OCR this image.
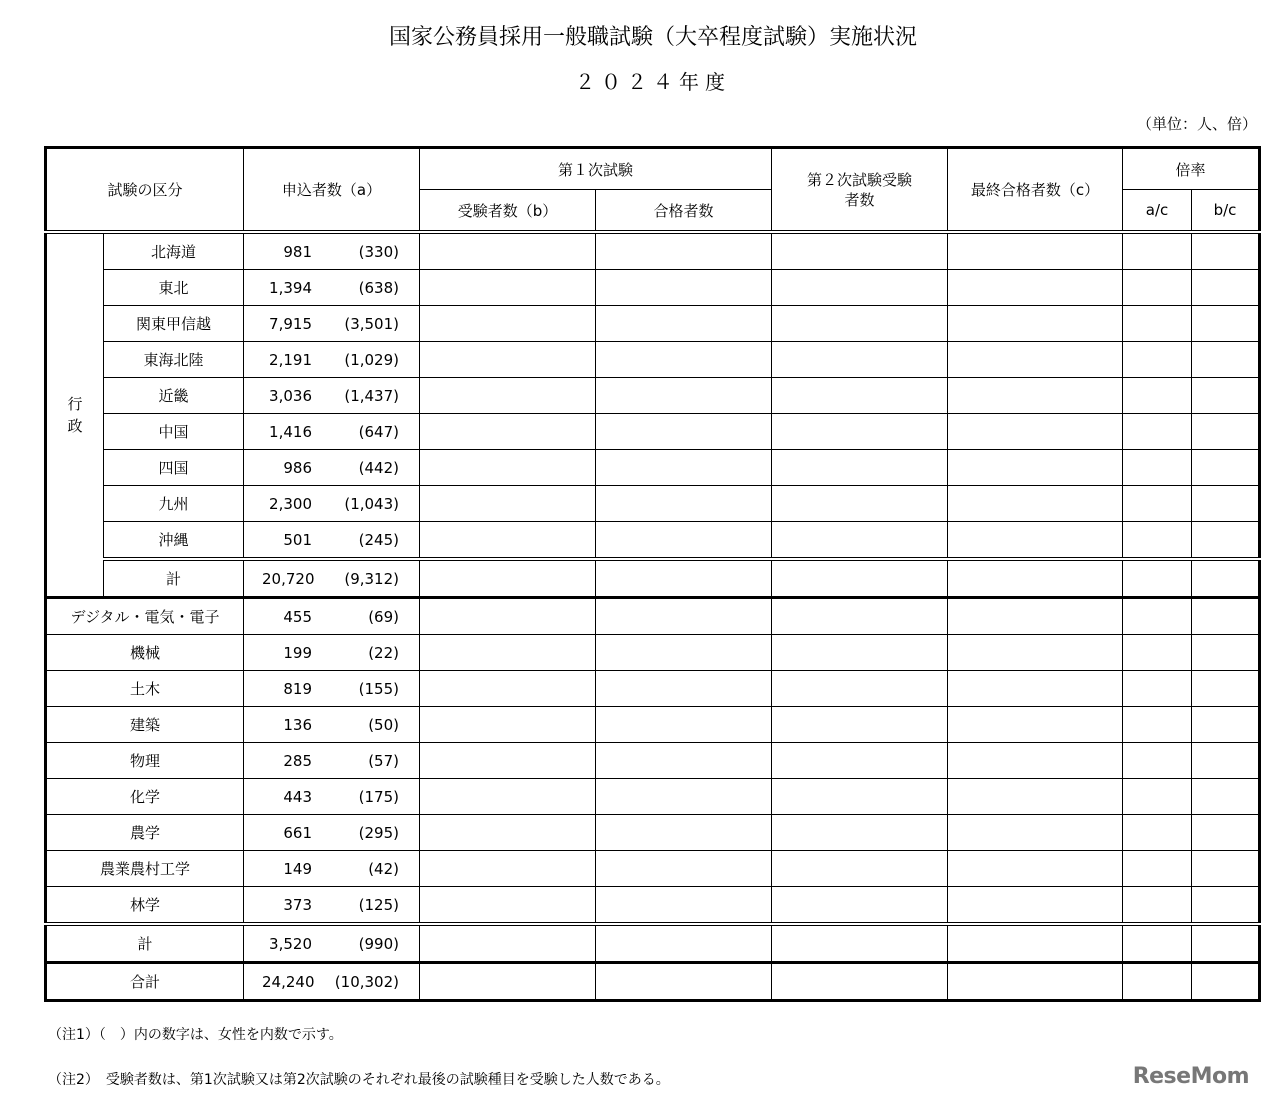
国家公務員採用一般職試験（大卒程度試験）実施状況
２０２４年度
（単位：人、倍）
試験の区分		申込者数（a）	第１次試験		第２次試験受験者数	最終合格者数（c）	倍率	
			受験者数（b）	合格者数			a/c	b/c
行政	北海道	981 (330)						

	東北	1,394 (638)						

	関東甲信越	7,915 (3,501)						

	東海北陸	2,191 (1,029)						

	近畿	3,036 (1,437)						

	中国	1,416 (647)						

	四国	986 (442)						

	九州	2,300 (1,043)						

	沖縄	501 (245)						

	計	20,720 (9,312)						

デジタル・電気・電子		455 (69)						

機械		199 (22)						

土木		819 (155)						

建築		136 (50)						

物理		285 (57)						

化学		443 (175)						

農学		661 (295)						

農業農村工学		149 (42)						

林学		373 (125)						

計		3,520 (990)						

合計		24,240 (10,302)						

（注1）（　）内の数字は、女性を内数で示す。
（注2）　受験者数は、第1次試験又は第2次試験のそれぞれ最後の試験種目を受験した人数である。	ReseMom
